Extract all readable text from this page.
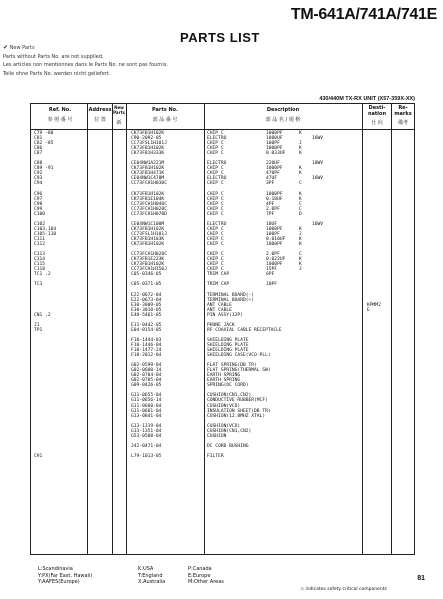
TM-641A/741A/741E
PARTS LIST
✔ New Parts
Parts without Parts No. are not supplied.
Les articles non mentionnes dans le Parts No. ne sont pas fournis.
Teile ohne Parts No. werden nicht geliefert.
430/440M TX-RX UNIT (X57-359X-XX)
Ref. No.
参 照 番 号
Address
位 置
New Parts
新
Parts No.
部 品 番 号
Description
部 品 名 / 規 格
Desti-nation
仕 向
Re-marks
備考
C79 -80	CK73FB1H102K	CHIP C	1000PF	K
C81	C90-2092-05	ELECTRO	1000UF	16WV
C82 -85	CC73FSL1H101J	CHIP C	100PF	J
C86	CK73FB1H102K	CHIP C	1000PF	K
C87	CK73FB1H333K	CHIP C	0.033UF	K
C88	CE04NW1A221M	ELECTRO	220UF	10WV
C89 -91	CK73FB1H102K	CHIP C	1000PF	K
C92	CK73FB1H471K	CHIP C	470PF	K
C93	CE04NW1C470M	ELECTRO	47UF	16WV
C94	CC73FCH1H030C	CHIP C	3PF	C
C96	CK73FB1H102K	CHIP C	1000PF	K
C97	CK73FB1E104K	CHIP C	0.10UF	K
C98	CC73FCH1H040C	CHIP C	4PF	C
C99	CC73FCH1H020C	CHIP C	2.0PF	C
C100	CC73FCH1H070D	CHIP C	7PF	D
C102	CE04NW1C100M	ELECTRO	10UF	16WV
C103,104	CK73FB1H102K	CHIP C	1000PF	K
C105-110	CC73FSL1H101J	CHIP C	100PF	J
C111	CK73FB1H103K	CHIP C	0.010UF	K
C112	CK73FB1H102K	CHIP C	1000PF	K
C113	CC73FCH1H020C	CHIP C	2.0PF	C
C114	CK73FB1E223K	CHIP C	0.022UF	K
C115	CK73FB1H102K	CHIP C	1000PF	K
C118	CC73FCH1H150J	CHIP C	15PF	J
TC1 ,2	C05-0346-05	TRIM CAP	6PF
TC3	C05-0371-05	TRIM CAP	10PF
E22-0672-04	TERMINAL BOARD(-)
E22-0673-04	TERMINAL BOARD(+)
E30-3009-05	ANT CABLE	KPMM2
E30-3010-05	ANT CABLE	E
CN1 ,2	E40-5461-05	PIN ASSY(12P)
J1	E11-0442-05	PHONE JACK
TP1	E04-0154-05	RF COAXIAL CABLE RECEPTACLE
F10-1444-03	SHIELDING PLATE
F10-1446-04	SHIELDING PLATE
F10-1477-24	SHIELDING PLATE
F10-2012-04	SHIELDING CASE(VCO-PLL)
G02-0599-04	FLAT SPRING(DB TR)
G02-0600-14	FLAT SPRING(THERMAL SW)
G02-0704-04	EARTH SPRING
G02-0705-04	EARTH SPRING
G09-0426-05	SPRING(DC CORD)
G11-0655-04	CUSHION(CN1,CN2)
G11-0656-14	CONDUCTIVE RUBBER(MCF)
G11-0660-04	CUSHION(VCO)
G11-0661-04	INSULATION SHEET(DB TR)
G13-0841-04	CUSHION(12.8MHZ XTAL)
G13-1319-04	CUSHION(VCO)
G13-1351-04	CUSHION(CN1,CN2)
G53-0508-04	CUSHION
J42-0471-04	DC CORD BUSHING
C91	L79-1013-05	FILTER
L:Scandinavia
Y:PX(Far East, Hawaii)
Y:AAFES(Europe)
K:USA
T:England
X:Australia
P:Canada
E:Europe
M:Other Areas
⚠ indicates safety critical components
81
